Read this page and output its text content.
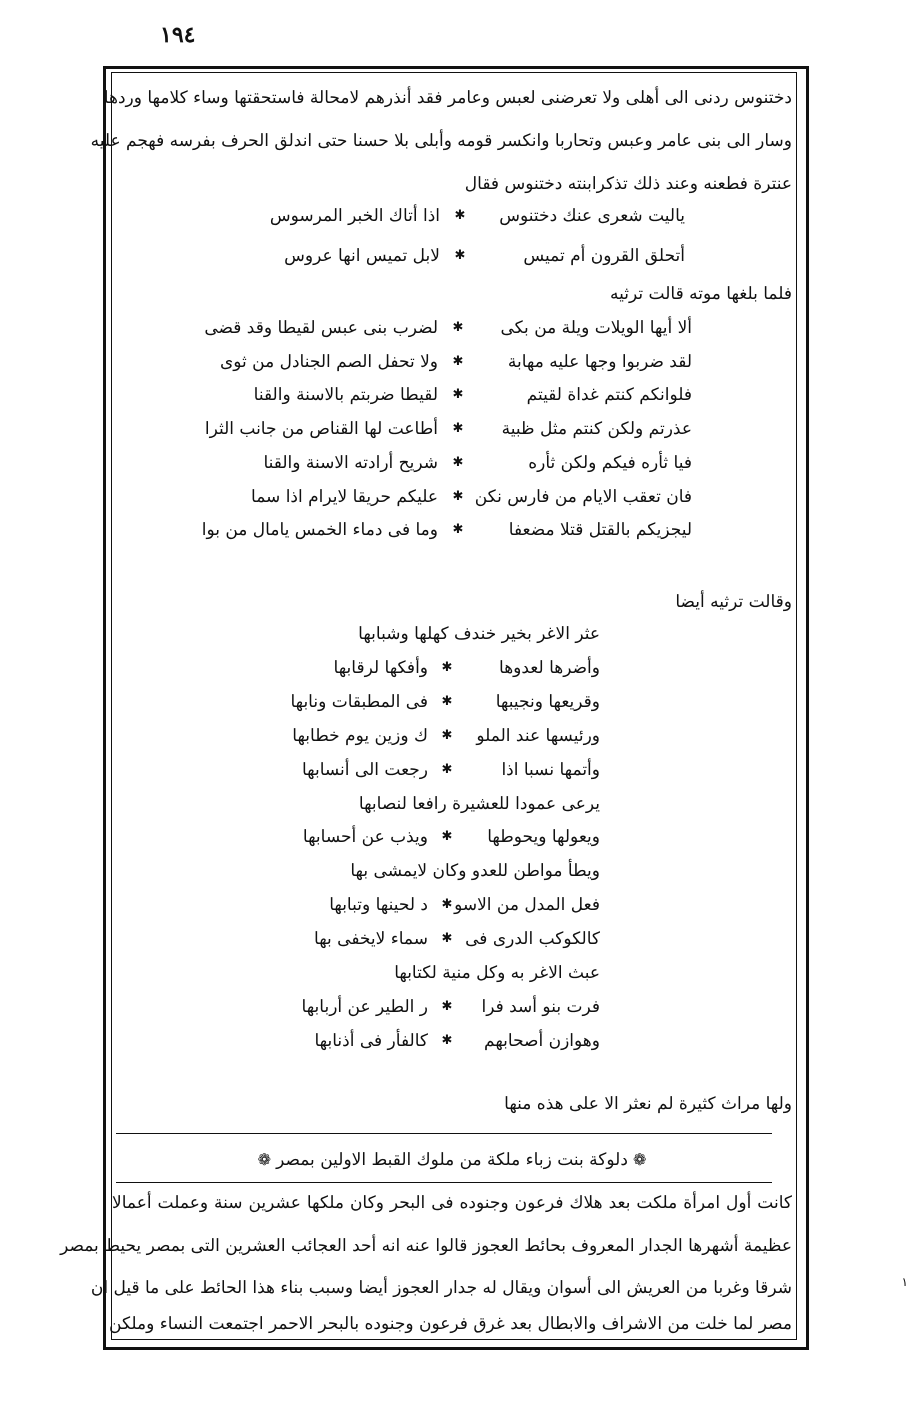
١٩٤
دختنوس ردنى الى أهلى ولا تعرضنى لعبس وعامر فقد أنذرهم لامحالة فاستحقتها وساء كلامها وردها
وسار الى بنى عامر وعبس وتحاربا وانكسر قومه وأبلى بلا حسنا حتى اندلق الحرف بفرسه فهجم عليه
عنترة فطعنه وعند ذلك تذكرابنته دختنوس فقال
ياليت شعرى عنك دختنوس
✱
اذا أتاك الخبر المرسوس
أتحلق القرون أم تميس
✱
لابل تميس انها عروس
فلما بلغها موته قالت ترثيه
ألا أيها الويلات ويلة من بكى
✱
لضرب بنى عبس لقيطا وقد قضى
لقد ضربوا وجها عليه مهابة
✱
ولا تحفل الصم الجنادل من ثوى
فلوانكم كنتم غداة لقيتم
✱
لقيطا ضربتم بالاسنة والقنا
عذرتم ولكن كنتم مثل ظبية
✱
أطاعت لها القناص من جانب الثرا
فيا ثأره فيكم ولكن ثأره
✱
شريح أرادته الاسنة والقنا
فان تعقب الايام من فارس نكن
✱
عليكم حريقا لايرام اذا سما
ليجزيكم بالقتل قتلا مضعفا
✱
وما فى دماء الخمس يامال من بوا
وقالت ترثيه أيضا
عثر الاغر بخير خندف كهلها وشبابها
وأضرها لعدوها
✱
وأفكها لرقابها
وقريعها ونجيبها
✱
فى المطبقات ونابها
ورئيسها عند الملو
✱
ك وزين يوم خطابها
وأتمها نسبا اذا
✱
رجعت الى أنسابها
يرعى عمودا للعشيرة رافعا لنصابها
ويعولها ويحوطها
✱
ويذب عن أحسابها
ويطأ مواطن للعدو وكان لايمشى بها
فعل المدل من الاسو
✱
د لحينها وتبابها
كالكوكب الدرى فى
✱
سماء لايخفى بها
عبث الاغر به وكل منية لكتابها
فرت بنو أسد فرا
✱
ر الطير عن أربابها
وهوازن أصحابهم
✱
كالفأر فى أذنابها
ولها مراث كثيرة لم نعثر الا على هذه منها
❁ دلوكة بنت زباء ملكة من ملوك القبط الاولين بمصر ❁
كانت أول امرأة ملكت بعد هلاك فرعون وجنوده فى البحر وكان ملكها عشرين سنة وعملت أعمالا
عظيمة أشهرها الجدار المعروف بحائط العجوز قالوا عنه انه أحد العجائب العشرين التى بمصر يحيط بمصر
شرقا وغربا من العريش الى أسوان ويقال له جدار العجوز أيضا وسبب بناء هذا الحائط على ما قيل ان
مصر لما خلت من الاشراف والابطال بعد غرق فرعون وجنوده بالبحر الاحمر اجتمعت النساء وملكن
١
